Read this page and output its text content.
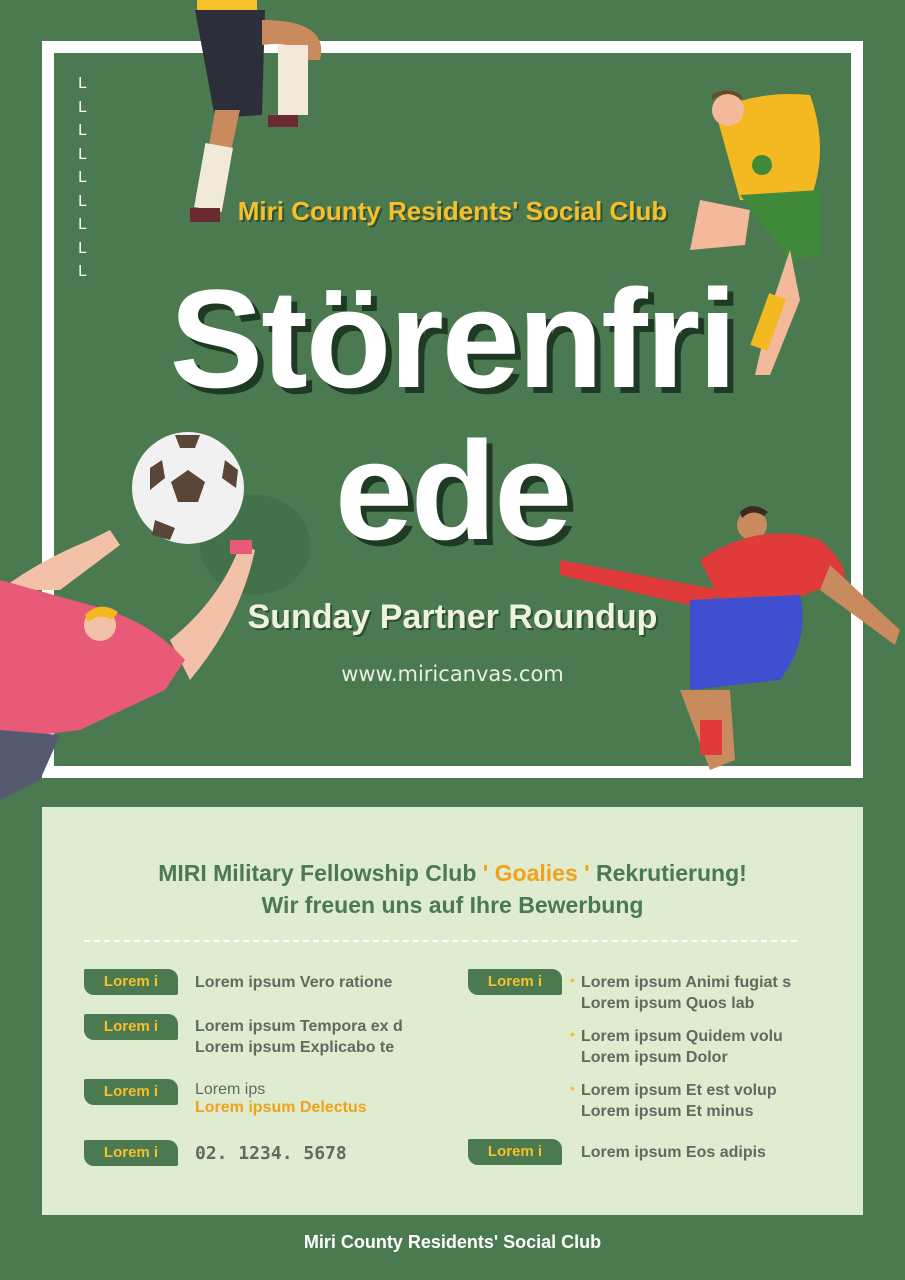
L
L
L
L
L
L
L
L
L
Miri County Residents' Social Club
Störenfri
ede
Sunday Partner Roundup
www.miricanvas.com
MIRI Military Fellowship Club ' Goalies ' Rekrutierung!
Wir freuen uns auf Ihre Bewerbung
Lorem i	Lorem ipsum Vero ratione
Lorem i	Lorem ipsum Tempora ex d
Lorem ipsum Explicabo te
Lorem i	Lorem ips
Lorem ipsum Delectus
Lorem i	02. 1234. 5678
Lorem i	• Lorem ipsum Animi fugiat s
Lorem ipsum Quos lab
• Lorem ipsum Quidem volu
Lorem ipsum Dolor
• Lorem ipsum Et est volup
Lorem ipsum Et minus
Lorem i	Lorem ipsum Eos adipis
Miri County Residents' Social Club
